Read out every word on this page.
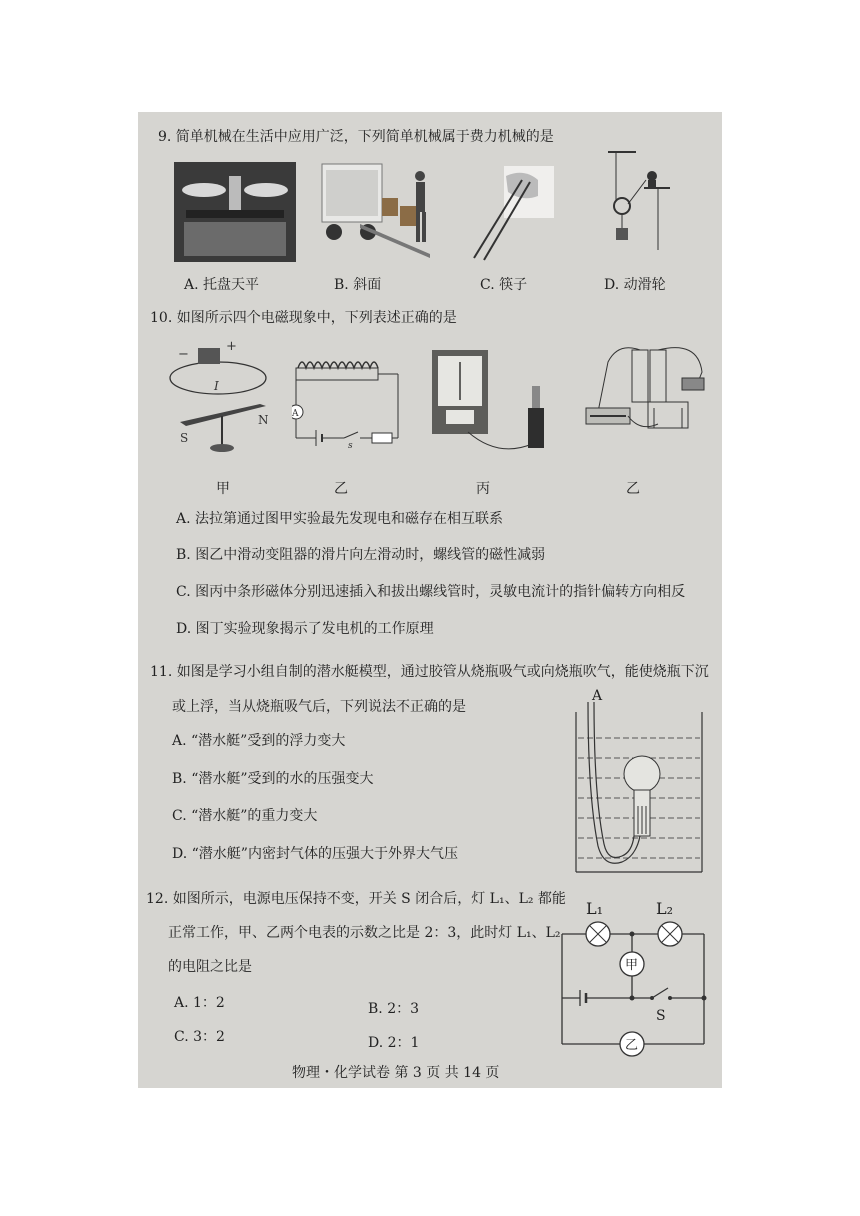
9. 简单机械在生活中应用广泛，下列简单机械属于费力机械的是
A. 托盘天平	B. 斜面	C. 筷子	D. 动滑轮
10. 如图所示四个电磁现象中，下列表述正确的是
+
−
I
S
N	A
s
甲	乙	丙	乙
A. 法拉第通过图甲实验最先发现电和磁存在相互联系
B. 图乙中滑动变阻器的滑片向左滑动时，螺线管的磁性减弱
C. 图丙中条形磁体分别迅速插入和拔出螺线管时，灵敏电流计的指针偏转方向相反
D. 图丁实验现象揭示了发电机的工作原理
11. 如图是学习小组自制的潜水艇模型，通过胶管从烧瓶吸气或向烧瓶吹气，能使烧瓶下沉
或上浮，当从烧瓶吸气后，下列说法不正确的是
A. “潜水艇”受到的浮力变大
B. “潜水艇”受到的水的压强变大
C. “潜水艇”的重力变大
D. “潜水艇”内密封气体的压强大于外界大气压
A
12. 如图所示，电源电压保持不变，开关 S 闭合后，灯 L₁、L₂ 都能
正常工作，甲、乙两个电表的示数之比是 2：3，此时灯 L₁、L₂
的电阻之比是
A. 1：2	B. 2：3
C. 3：2	D. 2：1
L₁	L₂
甲
S
乙
物理・化学试卷 第 3 页 共 14 页
